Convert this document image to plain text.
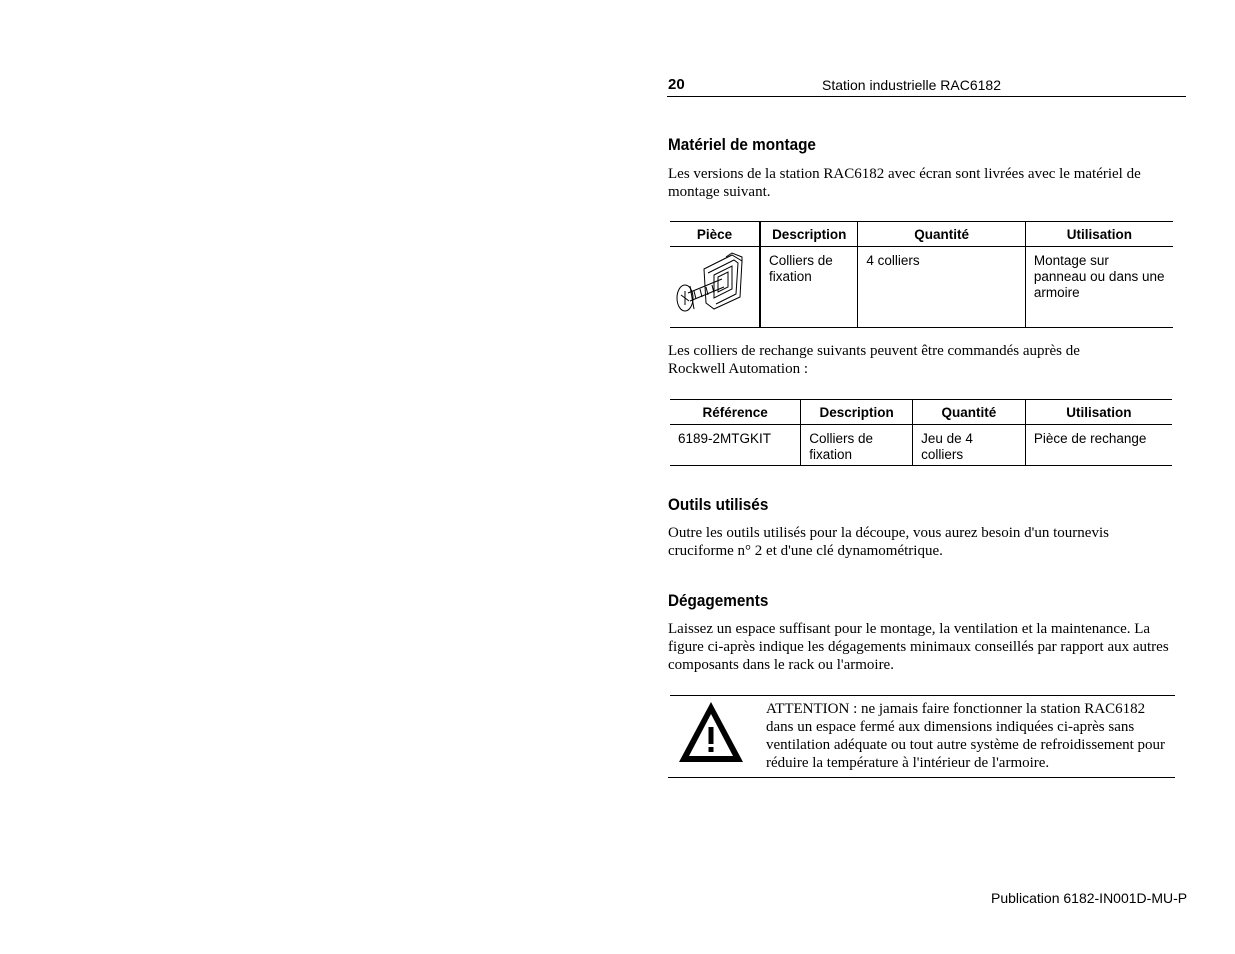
20	Station industrielle RAC6182
Matériel de montage
Les versions de la station RAC6182 avec écran sont livrées avec le matériel de montage suivant.
Pièce	Description	Quantité	Utilisation
	Colliers de fixation	4 colliers	Montage sur panneau ou dans une armoire
Les colliers de rechange suivants peuvent être commandés auprès de Rockwell Automation :
Référence	Description	Quantité	Utilisation
6189-2MTGKIT	Colliers de fixation	Jeu de 4 colliers	Pièce de rechange
Outils utilisés
Outre les outils utilisés pour la découpe, vous aurez besoin d'un tournevis cruciforme n° 2 et d'une clé dynamométrique.
Dégagements
Laissez un espace suffisant pour le montage, la ventilation et la maintenance. La figure ci-après indique les dégagements minimaux conseillés par rapport aux autres composants dans le rack ou l'armoire.
ATTENTION : ne jamais faire fonctionner la station RAC6182 dans un espace fermé aux dimensions indiquées ci-après sans ventilation adéquate ou tout autre système de refroidissement pour réduire la température à l'intérieur de l'armoire.
Publication 6182-IN001D-MU-P
